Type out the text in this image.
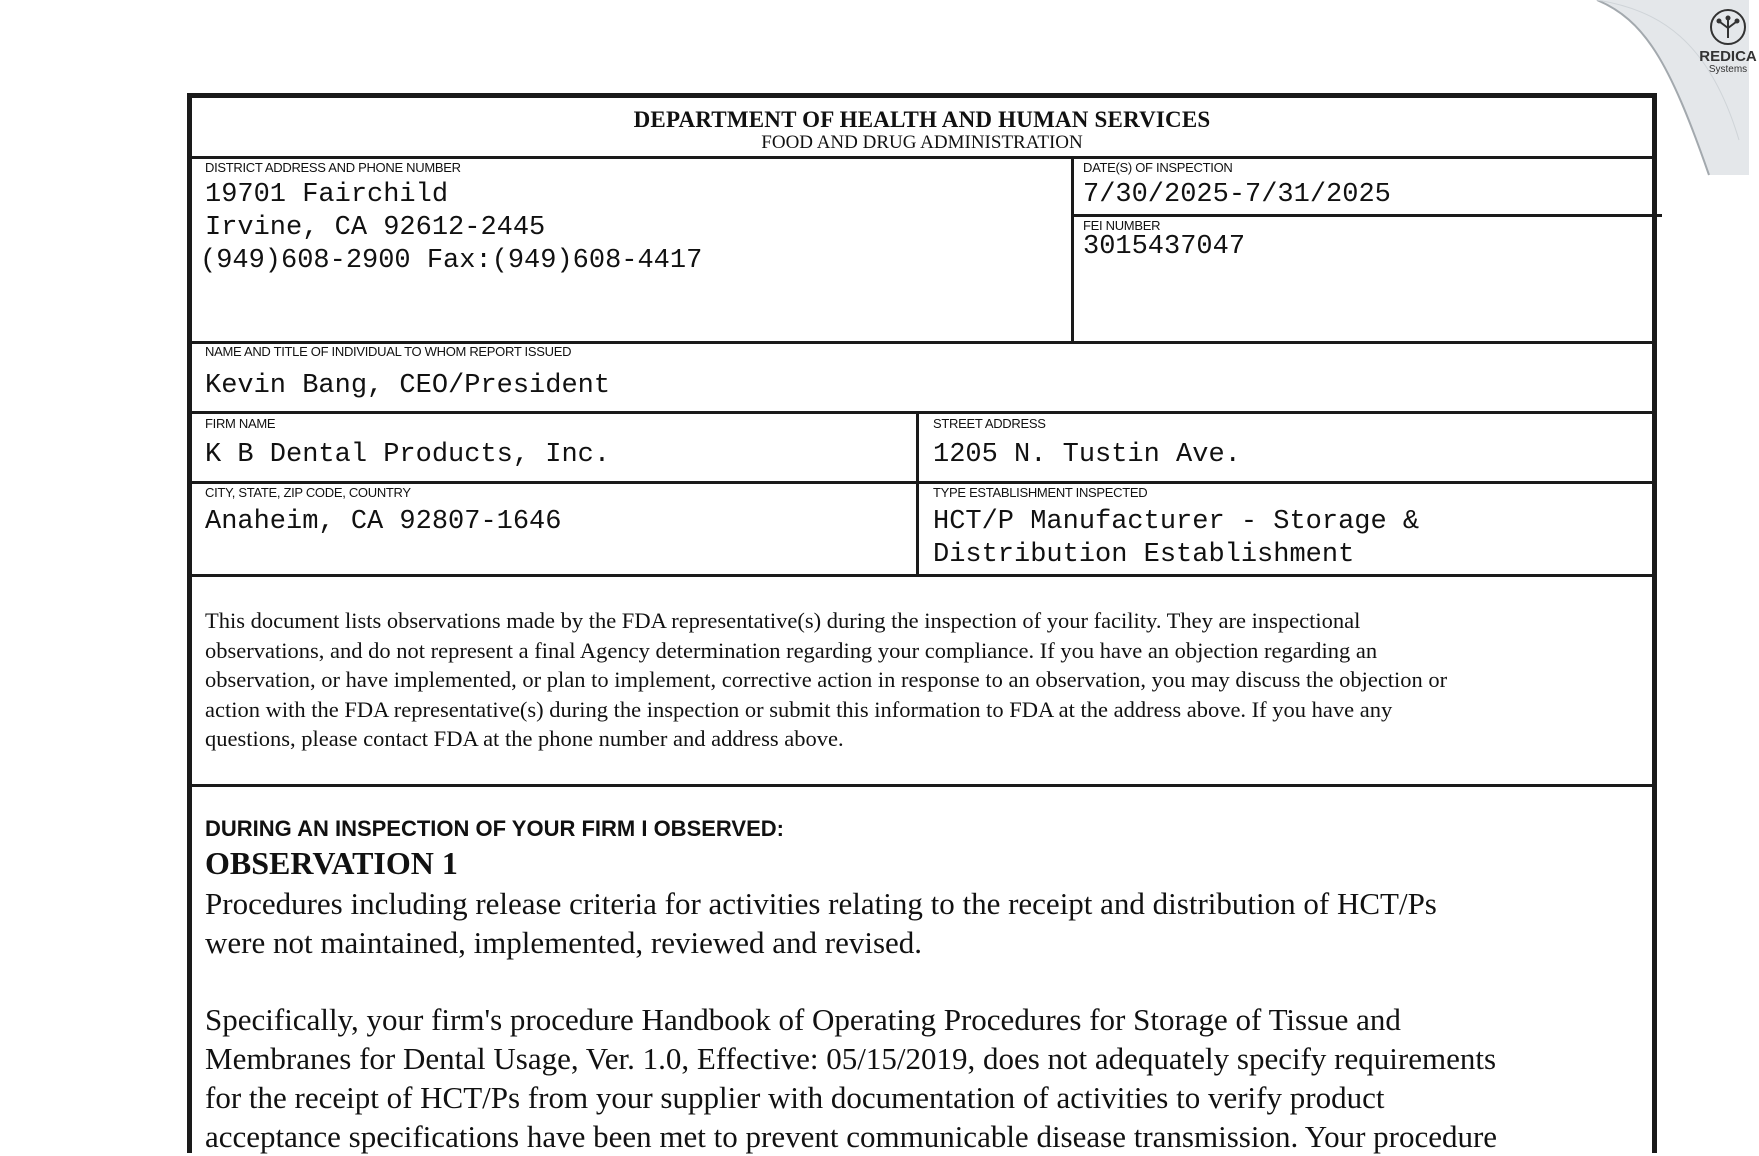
DEPARTMENT OF HEALTH AND HUMAN SERVICES
FOOD AND DRUG ADMINISTRATION
DISTRICT ADDRESS AND PHONE NUMBER
19701 Fairchild
Irvine, CA 92612-2445
(949)608-2900 Fax:(949)608-4417
DATE(S) OF INSPECTION
7/30/2025-7/31/2025
FEI NUMBER
3015437047
NAME AND TITLE OF INDIVIDUAL TO WHOM REPORT ISSUED
Kevin Bang, CEO/President
FIRM NAME
K B Dental Products, Inc.
STREET ADDRESS
1205 N. Tustin Ave.
CITY, STATE, ZIP CODE, COUNTRY
Anaheim, CA 92807-1646
TYPE ESTABLISHMENT INSPECTED
HCT/P Manufacturer - Storage &
Distribution Establishment
This document lists observations made by the FDA representative(s) during the inspection of your facility. They are inspectional
observations, and do not represent a final Agency determination regarding your compliance. If you have an objection regarding an
observation, or have implemented, or plan to implement, corrective action in response to an observation, you may discuss the objection or
action with the FDA representative(s) during the inspection or submit this information to FDA at the address above. If you have any
questions, please contact FDA at the phone number and address above.
DURING AN INSPECTION OF YOUR FIRM I OBSERVED:
OBSERVATION 1
Procedures including release criteria for activities relating to the receipt and distribution of HCT/Ps
were not maintained, implemented, reviewed and revised.
Specifically, your firm's procedure Handbook of Operating Procedures for Storage of Tissue and
Membranes for Dental Usage, Ver. 1.0, Effective: 05/15/2019, does not adequately specify requirements
for the receipt of HCT/Ps from your supplier with documentation of activities to verify product
acceptance specifications have been met to prevent communicable disease transmission. Your procedure
REDICA
Systems
